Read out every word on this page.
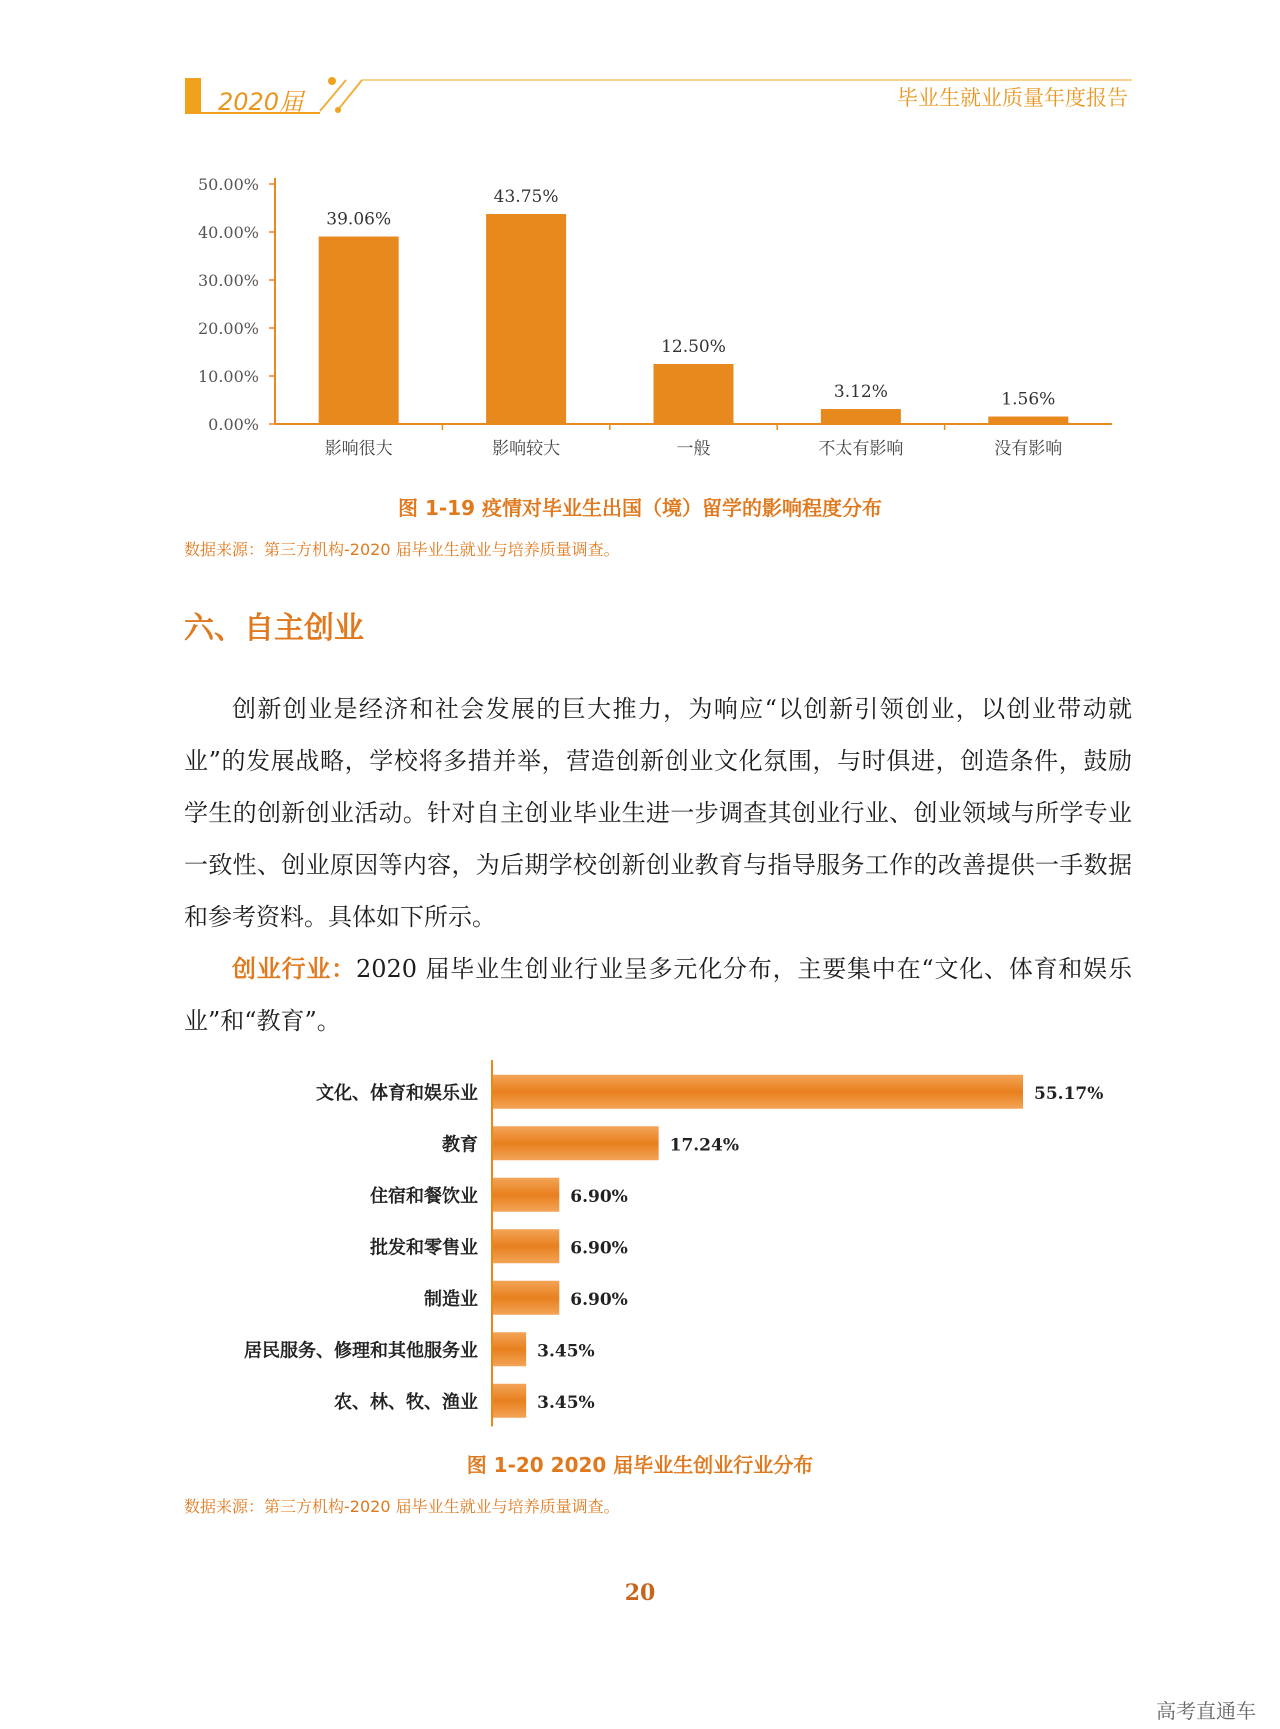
2020届	毕业生就业质量年度报告
0.00%
10.00%
20.00%
30.00%
40.00%
50.00%
39.06%
影响很大
43.75%
影响较大
12.50%
一般
3.12%
不太有影响
1.56%
没有影响
图 1-19 疫情对毕业生出国（境）留学的影响程度分布
数据来源：第三方机构-2020 届毕业生就业与培养质量调查。
六、自主创业

创新创业是经济和社会发展的巨大推力，为响应“以创新引领创业，以创业带动就业”的发展战略，学校将多措并举，营造创新创业文化氛围，与时俱进，创造条件，鼓励学生的创新创业活动。针对自主创业毕业生进一步调查其创业行业、创业领域与所学专业一致性、创业原因等内容，为后期学校创新创业教育与指导服务工作的改善提供一手数据和参考资料。具体如下所示。

创业行业：2020 届毕业生创业行业呈多元化分布，主要集中在“文化、体育和娱乐业”和“教育”。

文化、体育和娱乐业	55.17%
教育	17.24%
住宿和餐饮业	6.90%
批发和零售业	6.90%
制造业	6.90%
居民服务、修理和其他服务业	3.45%
农、林、牧、渔业	3.45%
图 1-20 2020 届毕业生创业行业分布
数据来源：第三方机构-2020 届毕业生就业与培养质量调查。
20
高考直通车
